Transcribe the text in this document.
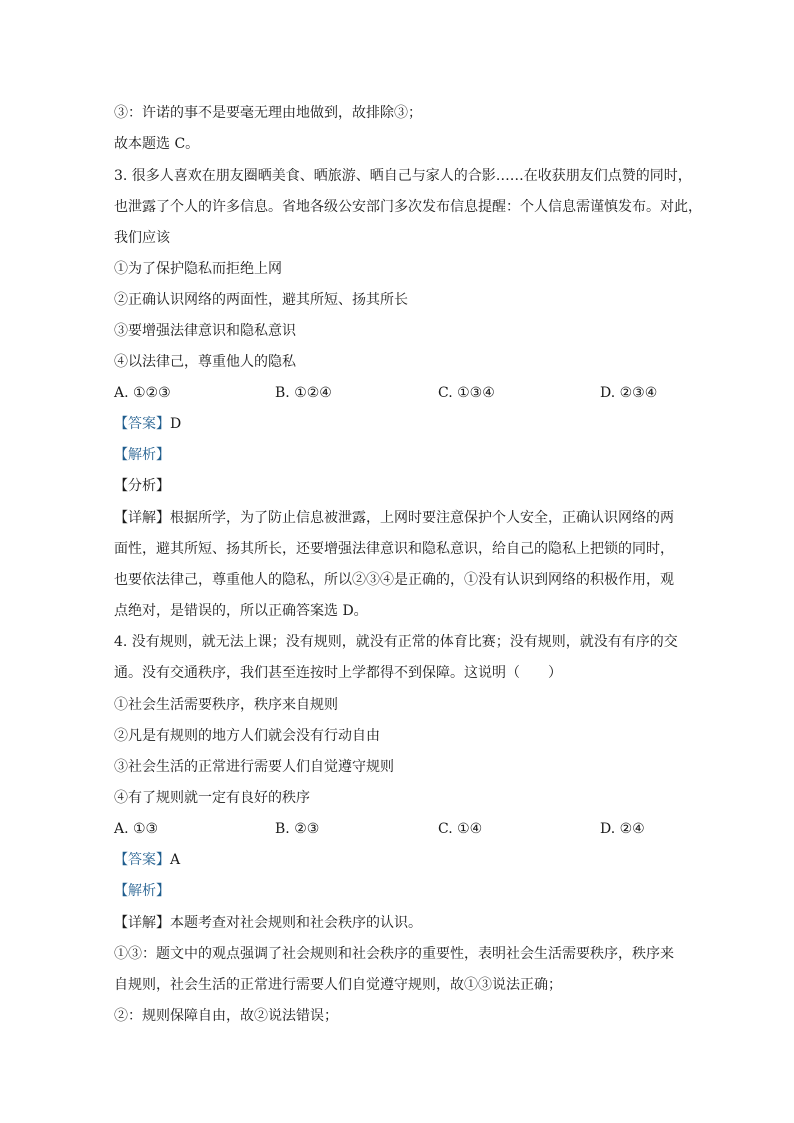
③：许诺的事不是要毫无理由地做到，故排除③；
故本题选 C。
3. 很多人喜欢在朋友圈晒美食、晒旅游、晒自己与家人的合影……在收获朋友们点赞的同时，
也泄露了个人的许多信息。省地各级公安部门多次发布信息提醒：个人信息需谨慎发布。对此，
我们应该
①为了保护隐私而拒绝上网
②正确认识网络的两面性，避其所短、扬其所长
③要增强法律意识和隐私意识
④以法律己，尊重他人的隐私
A. ①②③	B. ①②④	C. ①③④	D. ②③④
【答案】D
【解析】
【分析】
【详解】根据所学，为了防止信息被泄露，上网时要注意保护个人安全，正确认识网络的两
面性，避其所短、扬其所长，还要增强法律意识和隐私意识，给自己的隐私上把锁的同时，
也要依法律己，尊重他人的隐私，所以②③④是正确的，①没有认识到网络的积极作用，观
点绝对，是错误的，所以正确答案选 D。
4. 没有规则，就无法上课；没有规则，就没有正常的体育比赛；没有规则，就没有有序的交
通。没有交通秩序，我们甚至连按时上学都得不到保障。这说明（　　）
①社会生活需要秩序，秩序来自规则
②凡是有规则的地方人们就会没有行动自由
③社会生活的正常进行需要人们自觉遵守规则
④有了规则就一定有良好的秩序
A. ①③	B. ②③	C. ①④	D. ②④
【答案】A
【解析】
【详解】本题考查对社会规则和社会秩序的认识。
①③：题文中的观点强调了社会规则和社会秩序的重要性，表明社会生活需要秩序，秩序来
自规则，社会生活的正常进行需要人们自觉遵守规则，故①③说法正确；
②：规则保障自由，故②说法错误；
